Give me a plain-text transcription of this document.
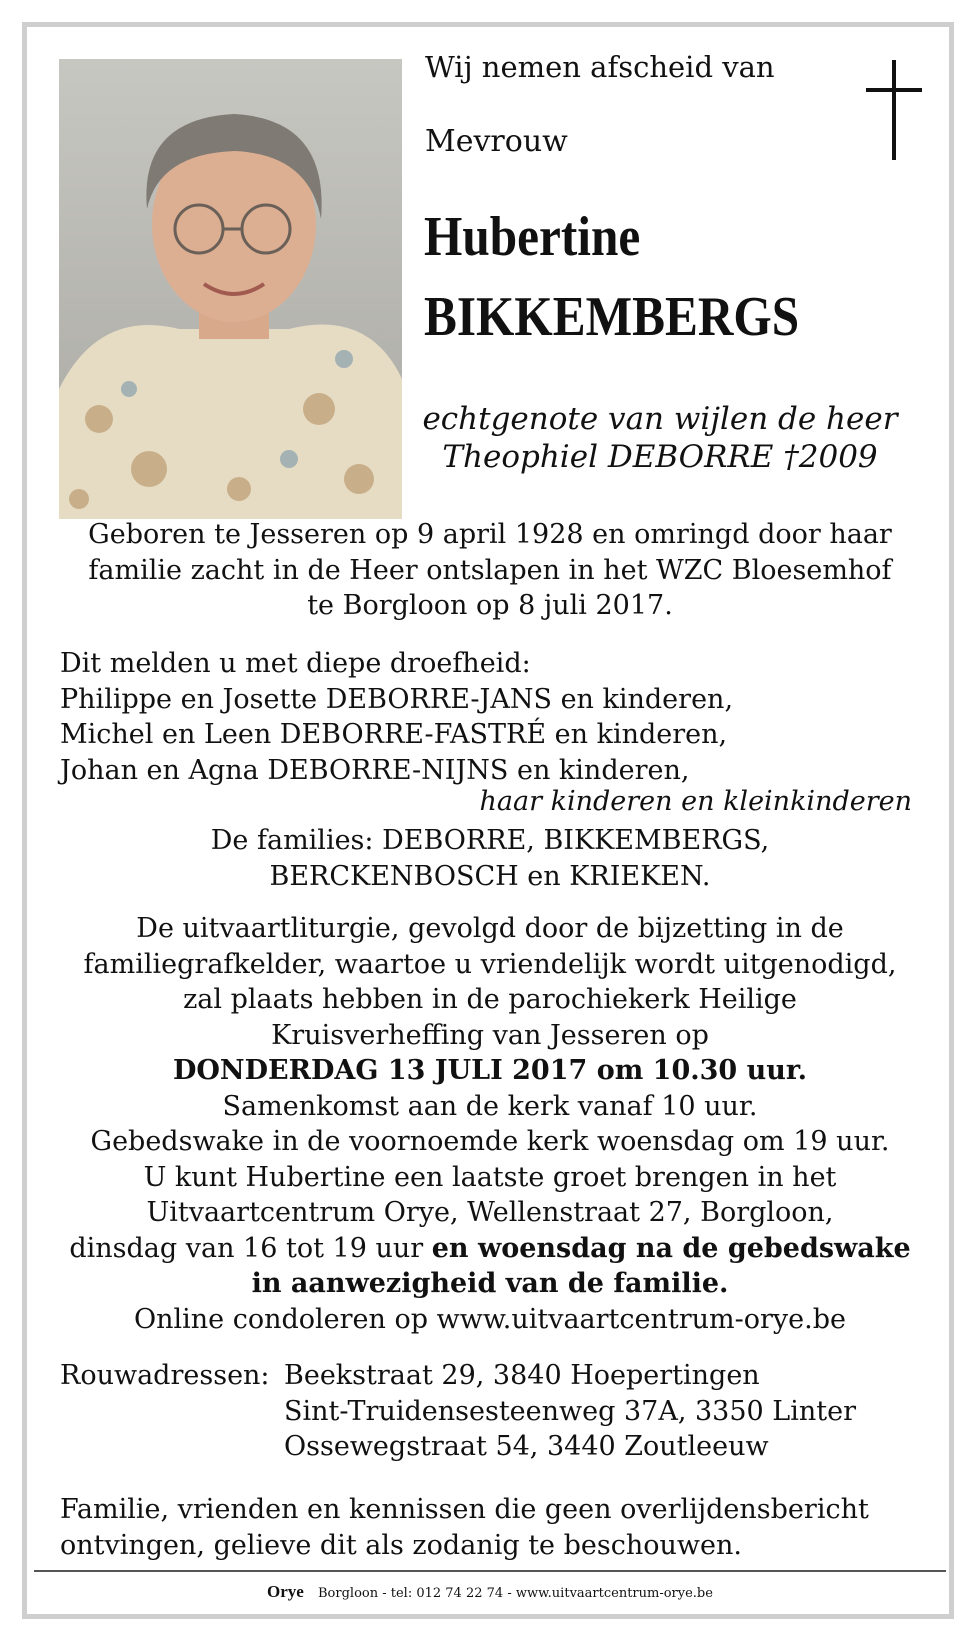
Wij nemen afscheid van
Mevrouw
Hubertine
BIKKEMBERGS
echtgenote van wijlen de heer
Theophiel DEBORRE †2009
Geboren te Jesseren op 9 april 1928 en omringd door haar
familie zacht in de Heer ontslapen in het WZC Bloesemhof
te Borgloon op 8 juli 2017.
Dit melden u met diepe droefheid:
Philippe en Josette DEBORRE-JANS en kinderen,
Michel en Leen DEBORRE-FASTRÉ en kinderen,
Johan en Agna DEBORRE-NIJNS en kinderen,
haar kinderen en kleinkinderen
De families: DEBORRE, BIKKEMBERGS,
BERCKENBOSCH en KRIEKEN.
De uitvaartliturgie, gevolgd door de bijzetting in de
familiegrafkelder, waartoe u vriendelijk wordt uitgenodigd,
zal plaats hebben in de parochiekerk Heilige
Kruisverheffing van Jesseren op
DONDERDAG 13 JULI 2017 om 10.30 uur.
Samenkomst aan de kerk vanaf 10 uur.
Gebedswake in de voornoemde kerk woensdag om 19 uur.
U kunt Hubertine een laatste groet brengen in het
Uitvaartcentrum Orye, Wellenstraat 27, Borgloon,
dinsdag van 16 tot 19 uur en woensdag na de gebedswake
in aanwezigheid van de familie.
Online condoleren op www.uitvaartcentrum-orye.be
Rouwadressen: Beekstraat 29, 3840 Hoepertingen
Sint-Truidensesteenweg 37A, 3350 Linter
Ossewegstraat 54, 3440 Zoutleeuw
Familie, vrienden en kennissen die geen overlijdensbericht
ontvingen, gelieve dit als zodanig te beschouwen.
Orye Borgloon - tel: 012 74 22 74 - www.uitvaartcentrum-orye.be
